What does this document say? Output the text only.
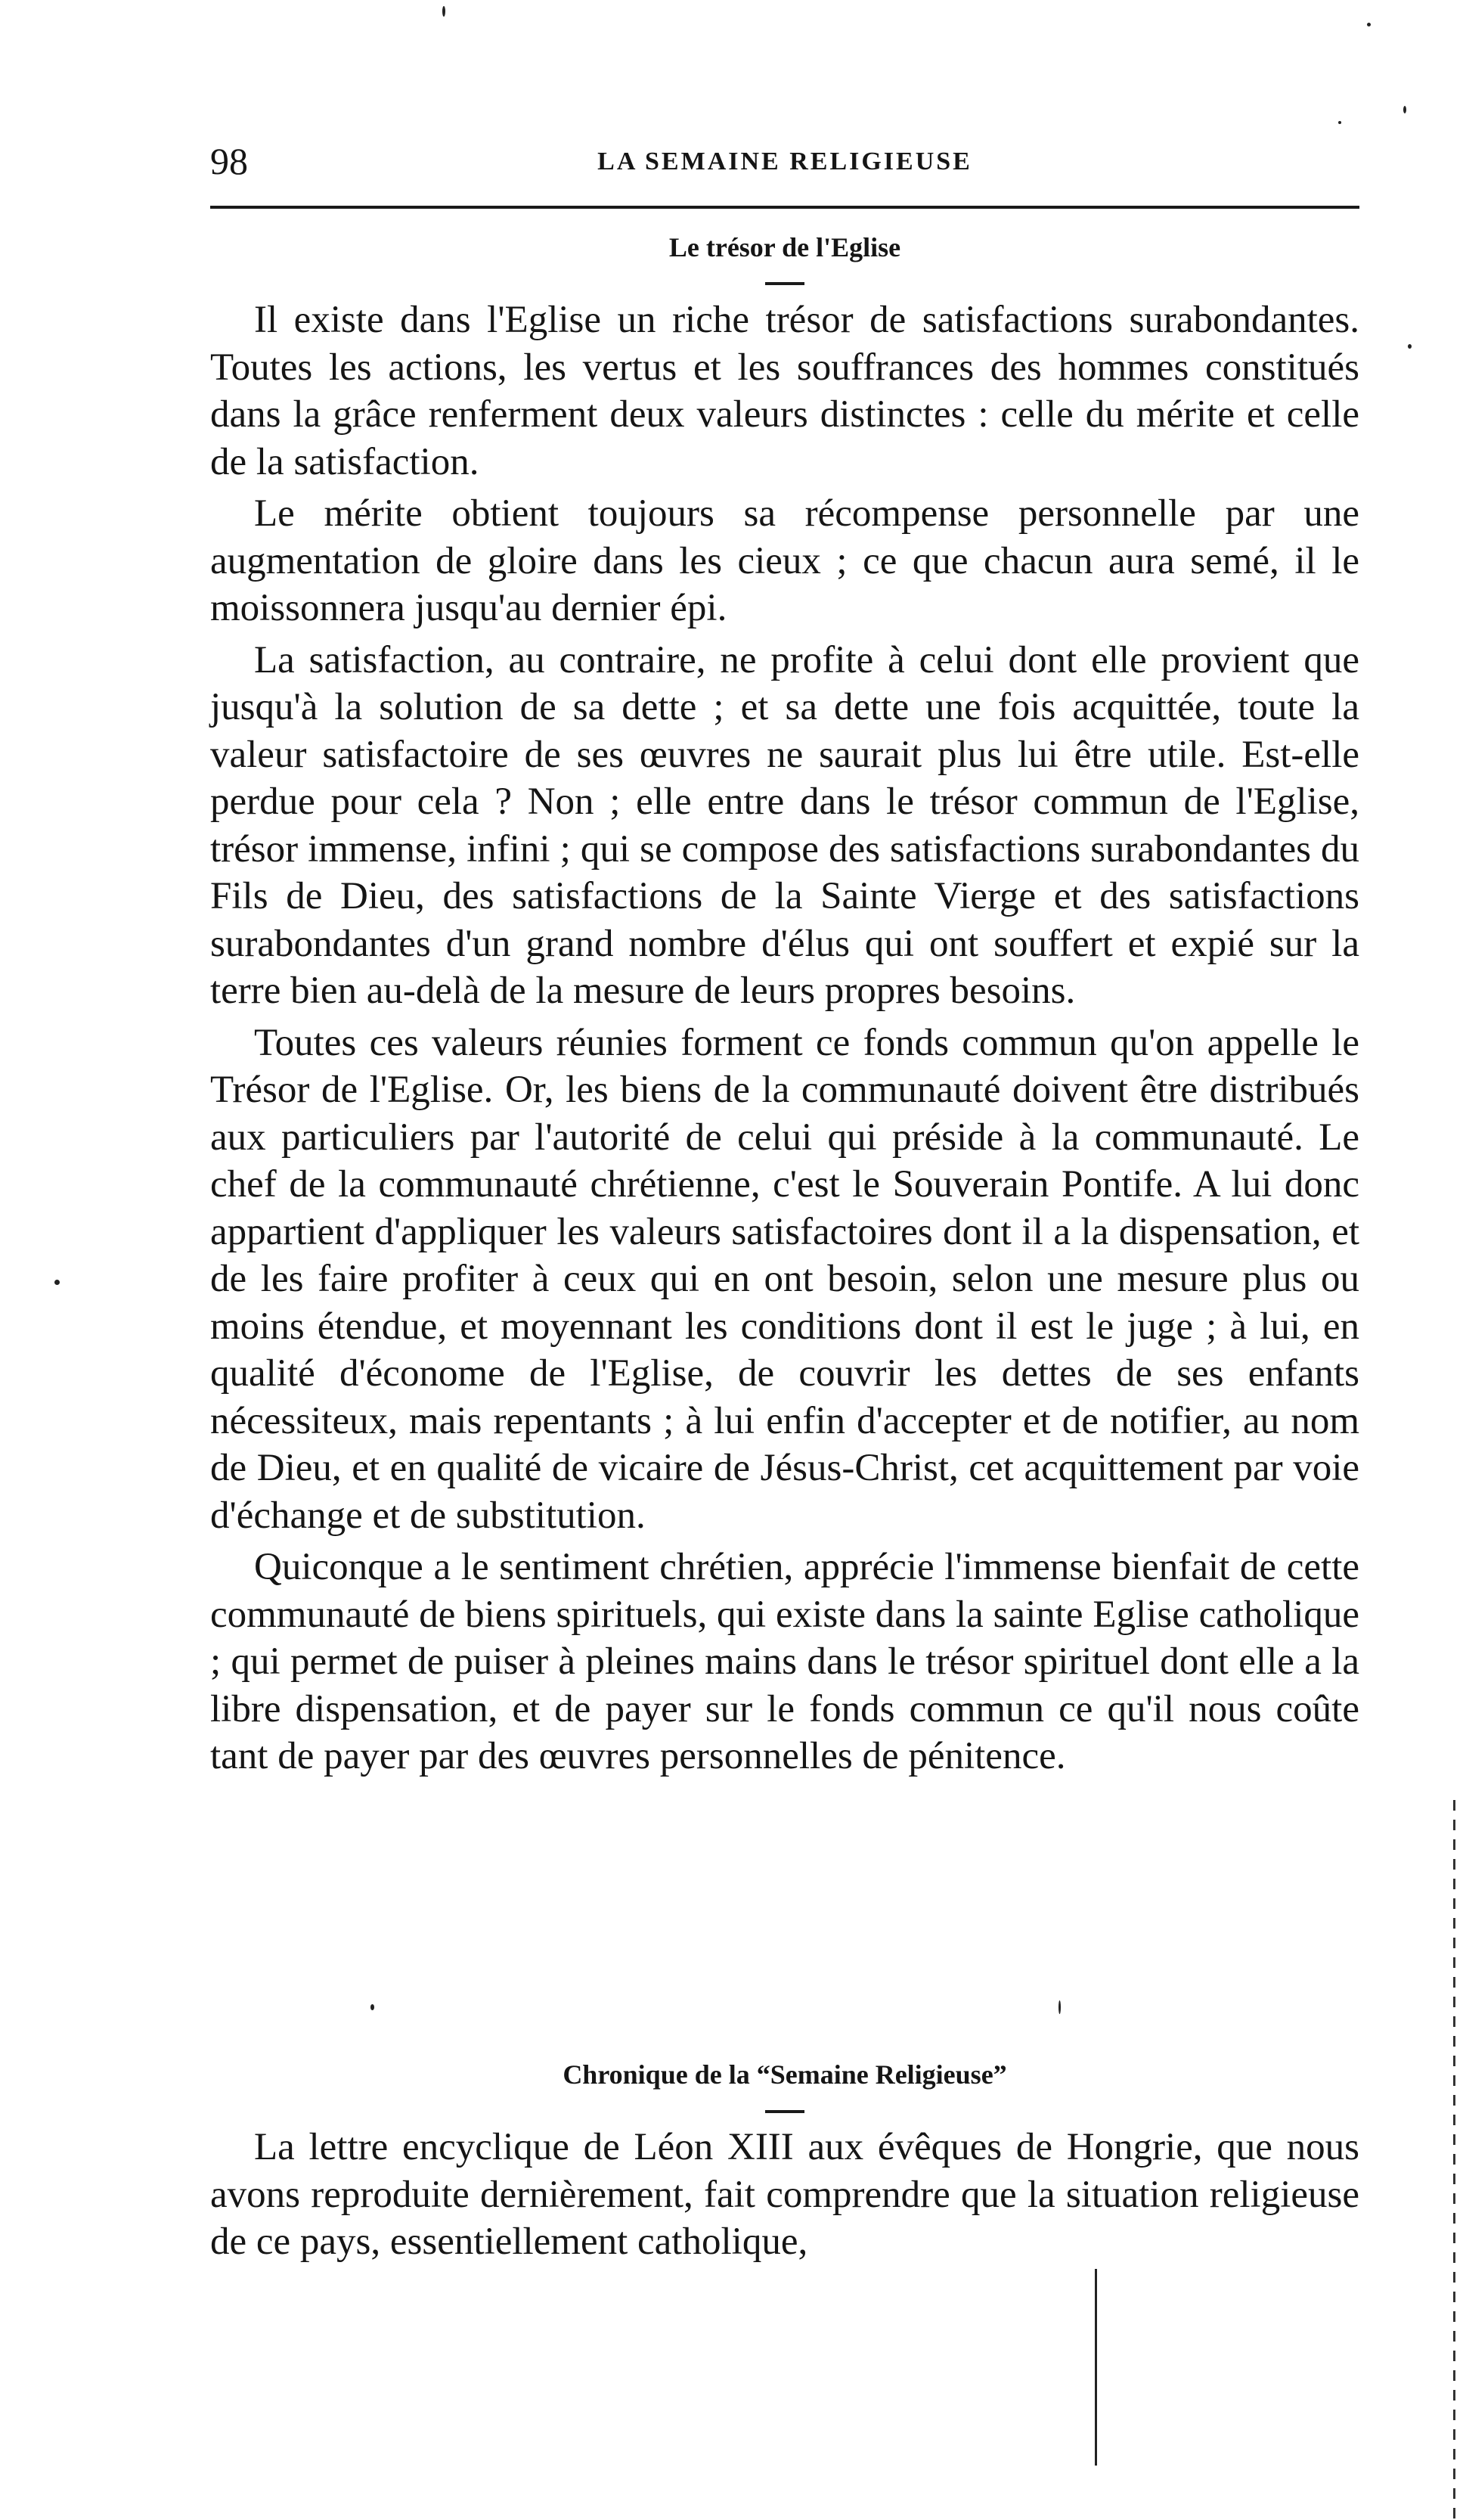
98	LA SEMAINE RELIGIEUSE
Le trésor de l'Eglise

Il existe dans l'Eglise un riche trésor de satisfactions surabondantes. Toutes les actions, les vertus et les souffrances des hommes constitués dans la grâce renferment deux valeurs distinctes : celle du mérite et celle de la satisfaction.

Le mérite obtient toujours sa récompense personnelle par une augmentation de gloire dans les cieux ; ce que chacun aura semé, il le moissonnera jusqu'au dernier épi.

La satisfaction, au contraire, ne profite à celui dont elle provient que jusqu'à la solution de sa dette ; et sa dette une fois acquittée, toute la valeur satisfactoire de ses œuvres ne saurait plus lui être utile. Est-elle perdue pour cela ? Non ; elle entre dans le trésor commun de l'Eglise, trésor immense, infini ; qui se compose des satisfactions surabondantes du Fils de Dieu, des satisfactions de la Sainte Vierge et des satisfactions surabondantes d'un grand nombre d'élus qui ont souffert et expié sur la terre bien au-delà de la mesure de leurs propres besoins.

Toutes ces valeurs réunies forment ce fonds commun qu'on appelle le Trésor de l'Eglise. Or, les biens de la communauté doivent être distribués aux particuliers par l'autorité de celui qui préside à la communauté. Le chef de la communauté chrétienne, c'est le Souverain Pontife. A lui donc appartient d'appliquer les valeurs satisfactoires dont il a la dispensation, et de les faire profiter à ceux qui en ont besoin, selon une mesure plus ou moins étendue, et moyennant les conditions dont il est le juge ; à lui, en qualité d'économe de l'Eglise, de couvrir les dettes de ses enfants nécessiteux, mais repentants ; à lui enfin d'accepter et de notifier, au nom de Dieu, et en qualité de vicaire de Jésus-Christ, cet acquittement par voie d'échange et de substitution.

Quiconque a le sentiment chrétien, apprécie l'immense bienfait de cette communauté de biens spirituels, qui existe dans la sainte Eglise catholique ; qui permet de puiser à pleines mains dans le trésor spirituel dont elle a la libre dispensation, et de payer sur le fonds commun ce qu'il nous coûte tant de payer par des œuvres personnelles de pénitence.

Chronique de la “Semaine Religieuse”

La lettre encyclique de Léon XIII aux évêques de Hongrie, que nous avons reproduite dernièrement, fait comprendre que la situation religieuse de ce pays, essentiellement catholique,
